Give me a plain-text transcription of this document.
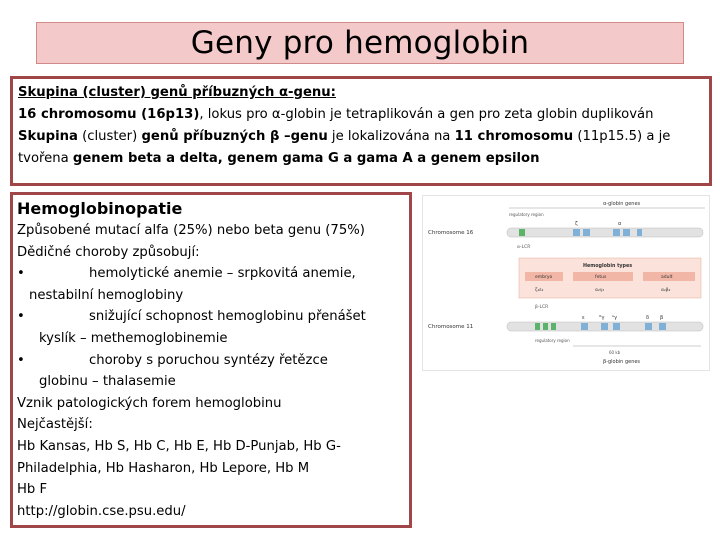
Geny pro hemoglobin

Skupina (cluster) genů příbuzných α-genu:

16 chromosomu (16p13), lokus pro α-globin je tetraplikován a gen pro zeta globin duplikován

Skupina (cluster) genů příbuzných β –genu je lokalizována na 11 chromosomu (11p15.5) a je

tvořena genem beta a delta, genem gama G a gama A a genem epsilon

Hemoglobinopatie

Způsobené mutací alfa (25%) nebo beta genu (75%)

Dědičné choroby způsobují:

•	hemolytické anemie – srpkovitá anemie,

nestabilní hemoglobiny

•	snižující schopnost hemoglobinu přenášet

kyslík – methemoglobinemie

•	choroby s poruchou syntézy řetězce

globinu – thalasemie

Vznik patologických forem hemoglobinu

Nejčastější:

Hb Kansas, Hb S, Hb C, Hb E, Hb D-Punjab, Hb G-

Philadelphia, Hb Hasharon, Hb Lepore, Hb M

Hb F

http://globin.cse.psu.edu/

Chromosome 16
α-globin genes
regulatory region
ζ	α
α-LCR
Hemoglobin types
embryo	fetus	adult
ζ₂ε₂	α₂γ₂	α₂β₂
Chromosome 11
β-LCR
ε	ᴳγ ᴬγ	δ β
regulatory region
60 kb
β-globin genes
